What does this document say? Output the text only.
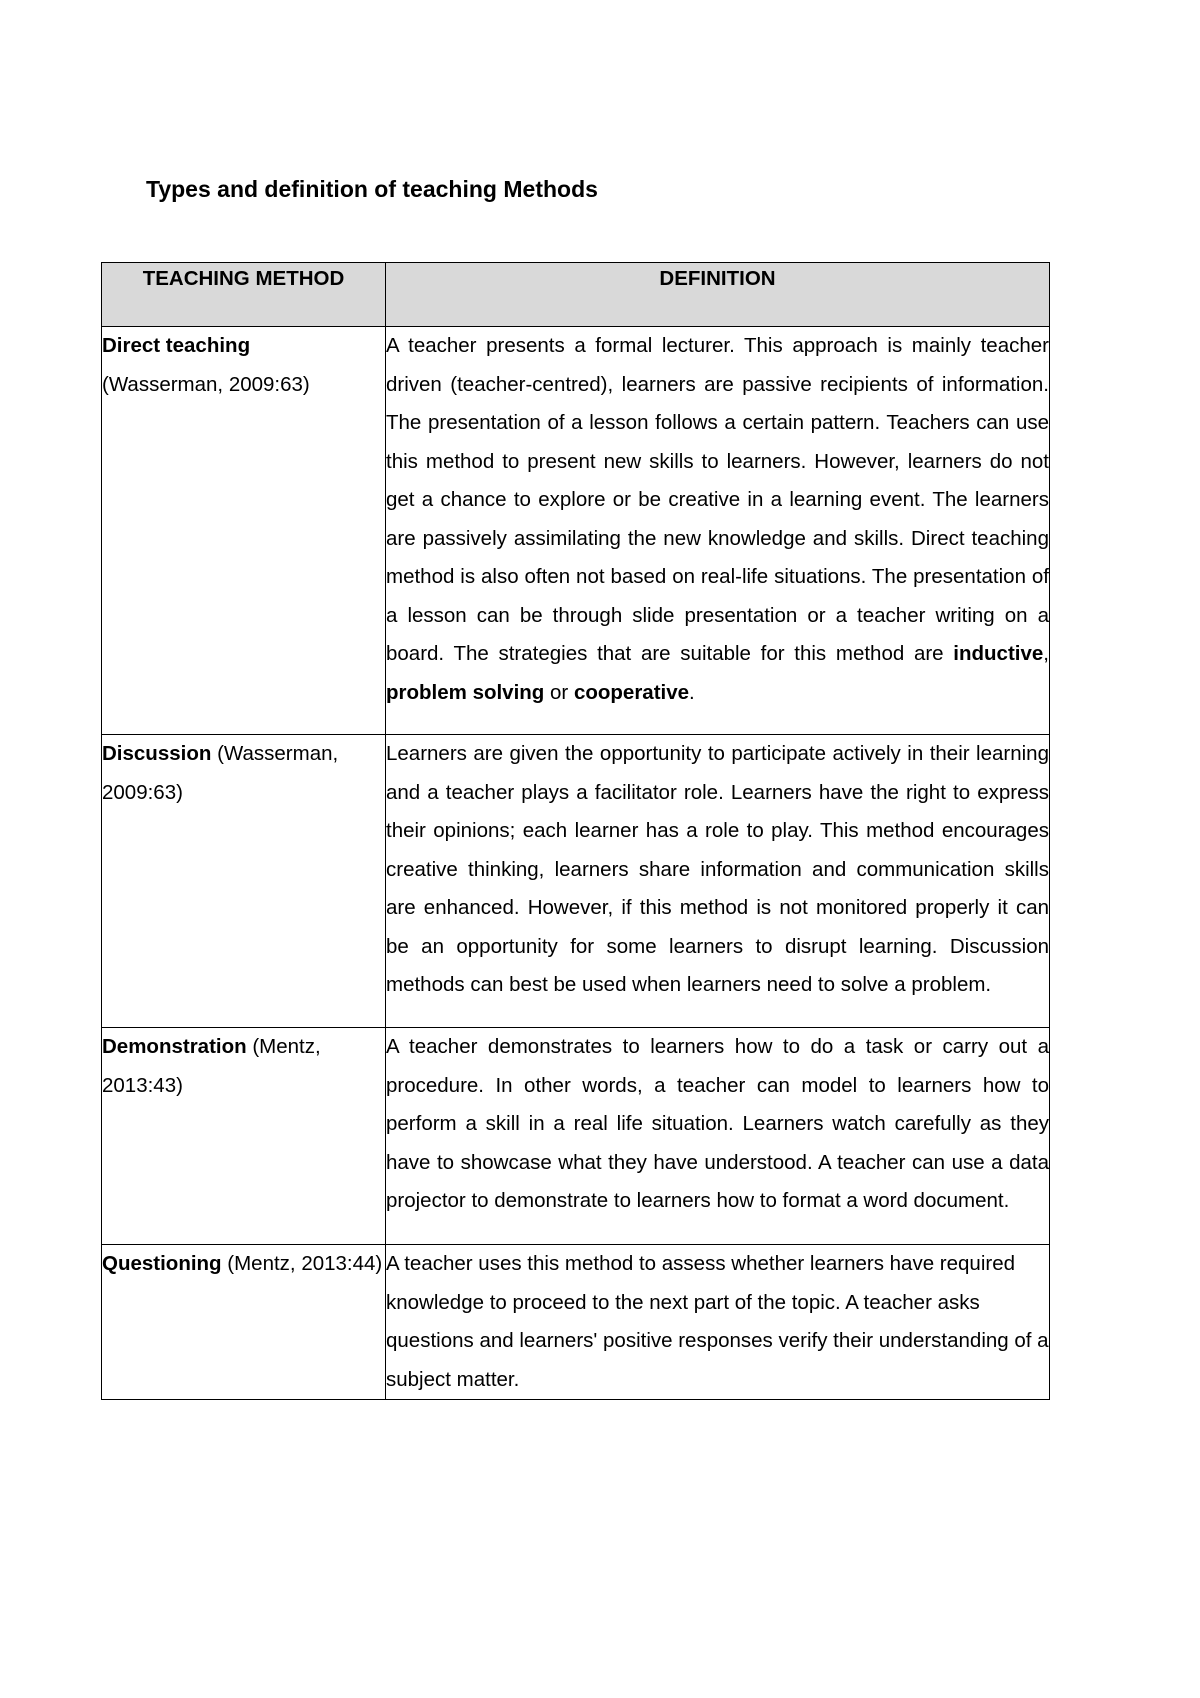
Types and definition of teaching Methods
TEACHING METHOD	DEFINITION

Direct teaching
(Wasserman, 2009:63)	A teacher presents a formal lecturer. This approach is mainly teacher driven (teacher-centred), learners are passive recipients of information. The presentation of a lesson follows a certain pattern. Teachers can use this method to present new skills to learners. However, learners do not get a chance to explore or be creative in a learning event. The learners are passively assimilating the new knowledge and skills. Direct teaching method is also often not based on real-life situations. The presentation of a lesson can be through slide presentation or a teacher writing on a board. The strategies that are suitable for this method are inductive, problem solving or cooperative.

Discussion (Wasserman, 2009:63)	Learners are given the opportunity to participate actively in their learning and a teacher plays a facilitator role. Learners have the right to express their opinions; each learner has a role to play. This method encourages creative thinking, learners share information and communication skills are enhanced. However, if this method is not monitored properly it can be an opportunity for some learners to disrupt learning. Discussion methods can best be used when learners need to solve a problem.

Demonstration (Mentz, 2013:43)	A teacher demonstrates to learners how to do a task or carry out a procedure. In other words, a teacher can model to learners how to perform a skill in a real life situation. Learners watch carefully as they have to showcase what they have understood. A teacher can use a data projector to demonstrate to learners how to format a word document.

Questioning (Mentz, 2013:44)	A teacher uses this method to assess whether learners have required knowledge to proceed to the next part of the topic. A teacher asks questions and learners' positive responses verify their understanding of a subject matter.
